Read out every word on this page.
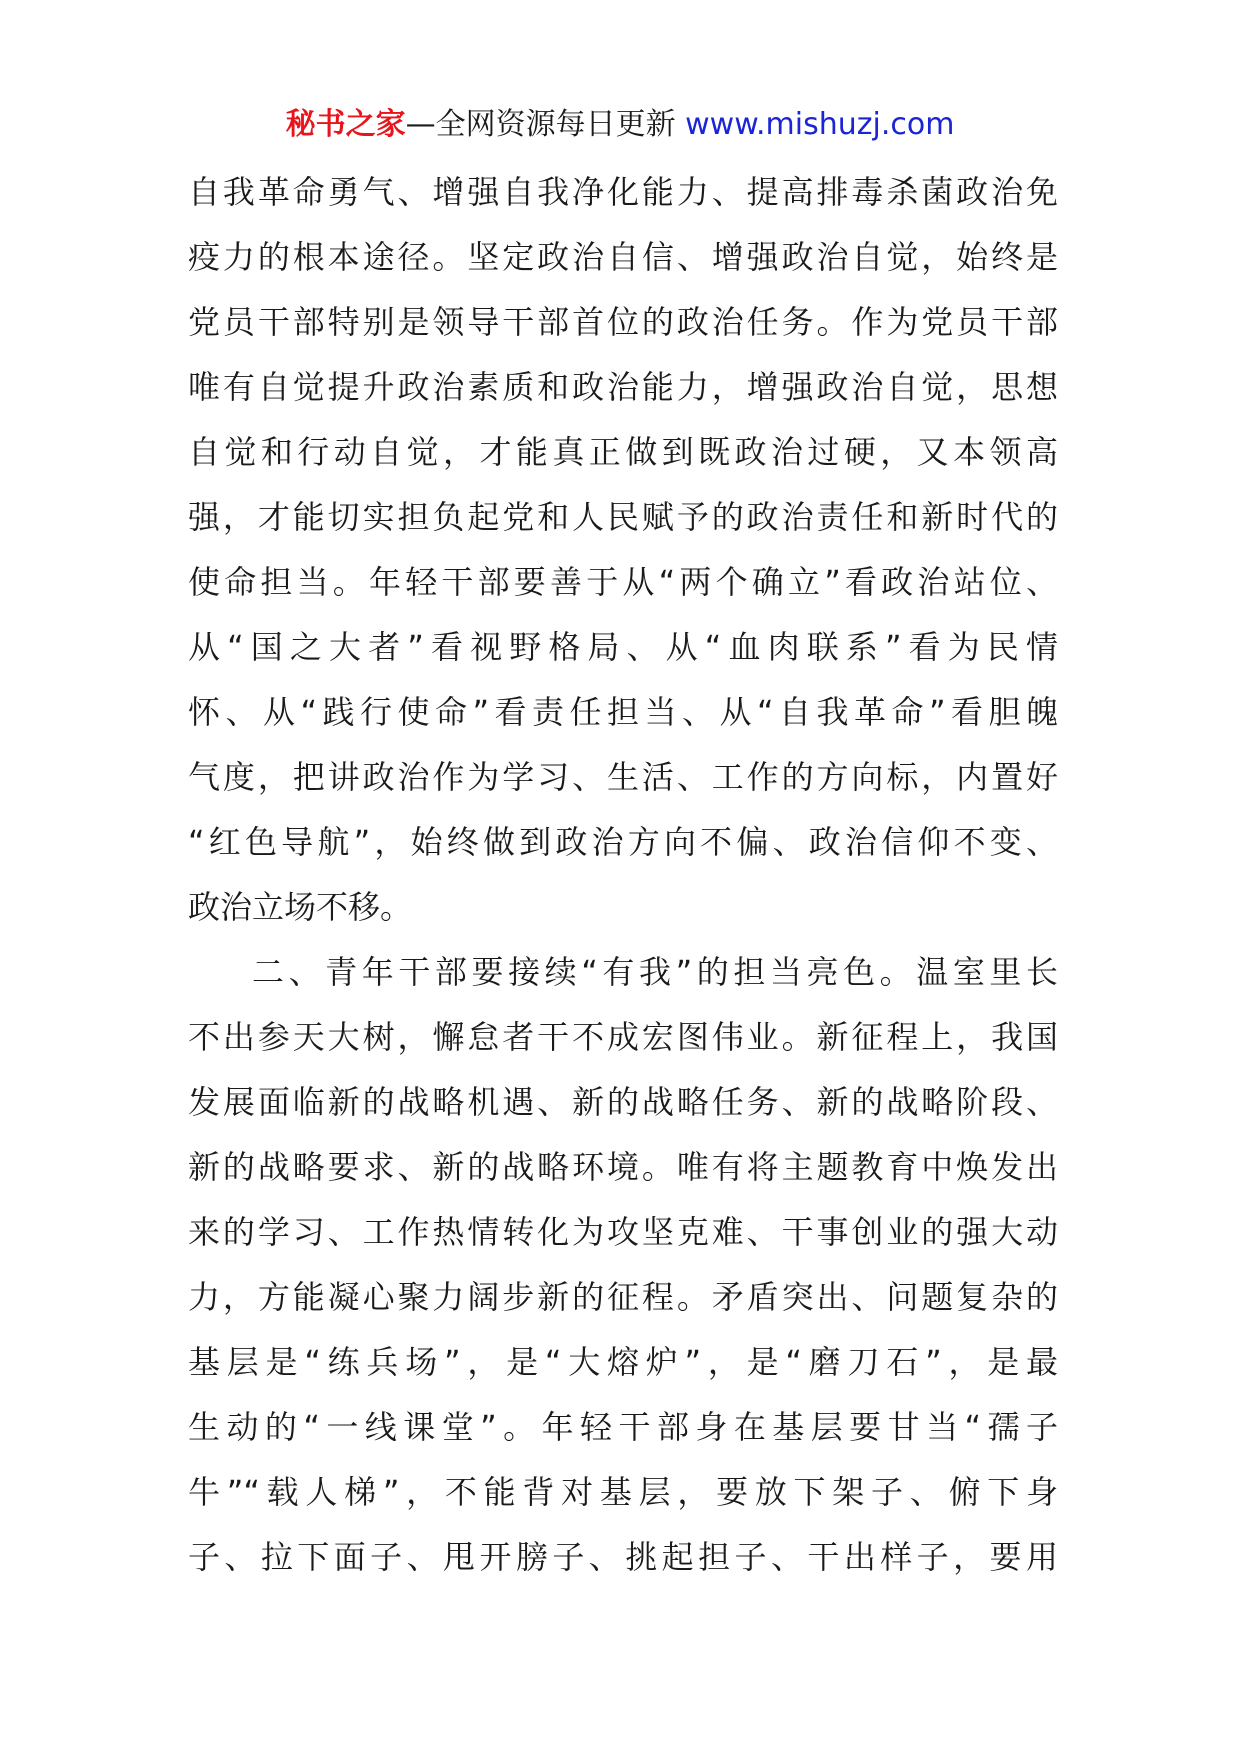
秘书之家—全网资源每日更新 www.mishuzj.com
自我革命勇气、增强自我净化能力、提高排毒杀菌政治免
疫力的根本途径。坚定政治自信、增强政治自觉，始终是
党员干部特别是领导干部首位的政治任务。作为党员干部
唯有自觉提升政治素质和政治能力，增强政治自觉，思想
自觉和行动自觉，才能真正做到既政治过硬，又本领高
强，才能切实担负起党和人民赋予的政治责任和新时代的
使命担当。年轻干部要善于从“两个确立”看政治站位、
从“国之大者”看视野格局、从“血肉联系”看为民情
怀、从“践行使命”看责任担当、从“自我革命”看胆魄
气度，把讲政治作为学习、生活、工作的方向标，内置好
“红色导航”，始终做到政治方向不偏、政治信仰不变、
政治立场不移。
二、青年干部要接续“有我”的担当亮色。温室里长
不出参天大树，懈怠者干不成宏图伟业。新征程上，我国
发展面临新的战略机遇、新的战略任务、新的战略阶段、
新的战略要求、新的战略环境。唯有将主题教育中焕发出
来的学习、工作热情转化为攻坚克难、干事创业的强大动
力，方能凝心聚力阔步新的征程。矛盾突出、问题复杂的
基层是“练兵场”，是“大熔炉”，是“磨刀石”，是最
生动的“一线课堂”。年轻干部身在基层要甘当“孺子
牛”“载人梯”，不能背对基层，要放下架子、俯下身
子、拉下面子、甩开膀子、挑起担子、干出样子，要用
